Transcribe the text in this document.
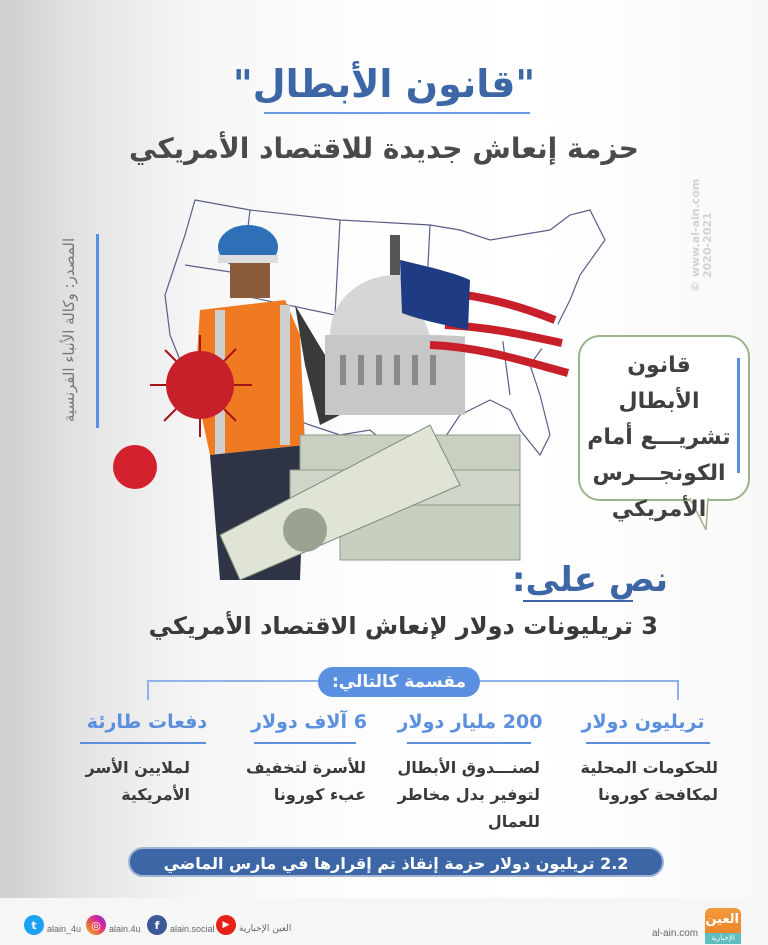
"قانون الأبطال"
حزمة إنعاش جديدة للاقتصاد الأمريكي
المصدر: وكالة الأنباء الفرنسية	© www.al-ain.com
2020-2021
قانون الأبطال
تشريـــع أمام
الكونجـــرس
الأمريكي
نص على:
3 تريليونات دولار لإنعاش الاقتصاد الأمريكي
مقسمة كالتالي:
تريليون دولار
للحكومات المحلية
لمكافحة كورونا
200 مليار دولار
لصنـــدوق الأبطال
لتوفير بدل مخاطر
للعمال
6 آلاف دولار
للأسرة لتخفيف
عبء كورونا
دفعات طارئة
لملايين الأسر
الأمريكية
2.2 تريليون دولار حزمة إنقاذ تم إقرارها في مارس الماضي
t	alain_4u ◎ alain.4u	f	alain.social ▶	العين الإخبارية	al-ain.com
العين
الإخبارية
